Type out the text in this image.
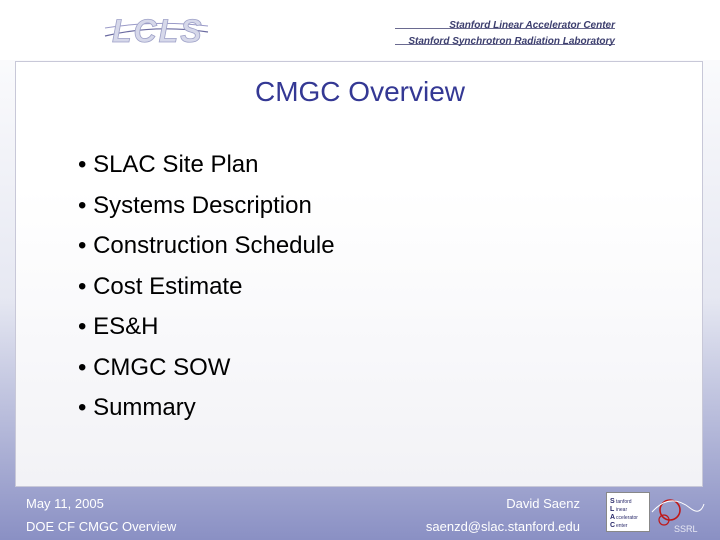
LCLS	Stanford Linear Accelerator Center
Stanford Synchrotron Radiation Laboratory
CMGC Overview
• SLAC Site Plan
• Systems Description
• Construction Schedule
• Cost Estimate
• ES&H
• CMGC SOW
• Summary
May 11, 2005
DOE CF CMGC Overview
David Saenz
saenzd@slac.stanford.edu
S tanford
L inear
A ccelerator
C enter	SSRL
